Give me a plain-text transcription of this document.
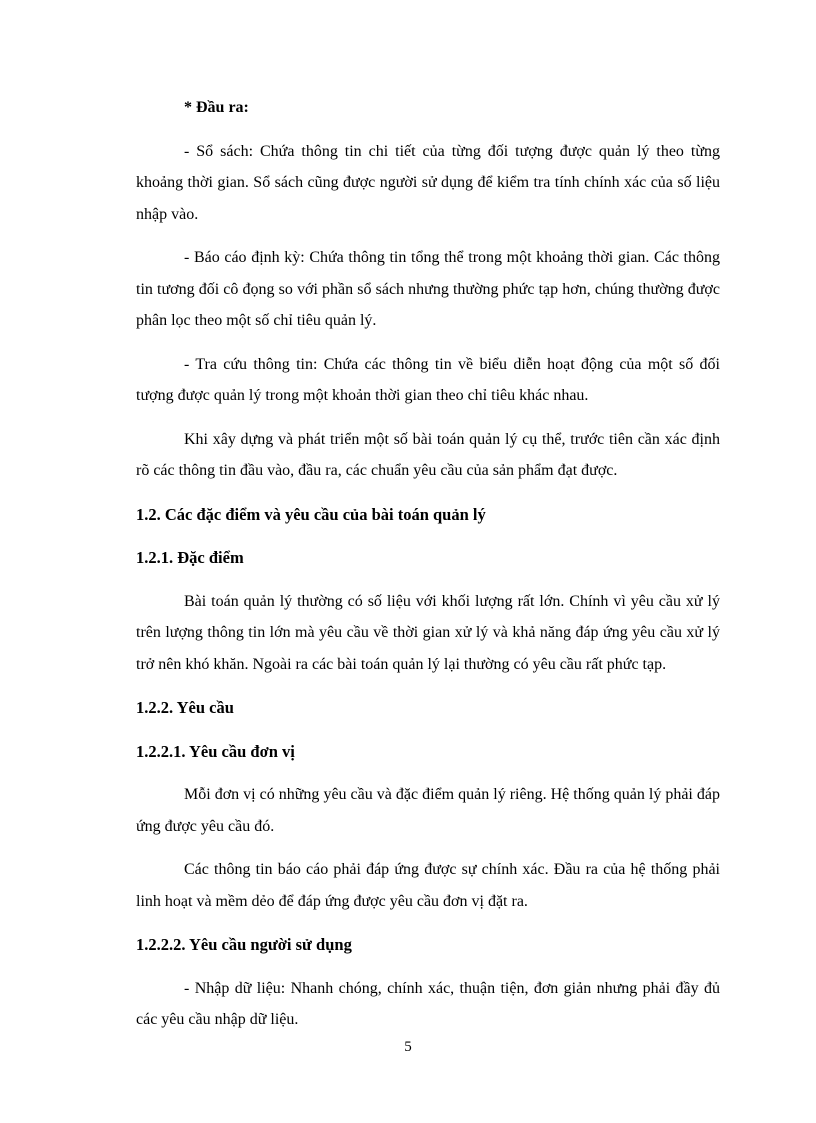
* Đầu ra:

- Sổ sách: Chứa thông tin chi tiết của từng đối tượng được quản lý theo từng khoảng thời gian. Sổ sách cũng được người sử dụng để kiểm tra tính chính xác của số liệu nhập vào.

- Báo cáo định kỳ: Chứa thông tin tổng thể trong một khoảng thời gian. Các thông tin tương đối cô đọng so với phần sổ sách nhưng thường phức tạp hơn, chúng thường được phân lọc theo một số chỉ tiêu quản lý.

- Tra cứu thông tin: Chứa các thông tin về biểu diễn hoạt động của một số đối tượng được quản lý trong một khoản thời gian theo chỉ tiêu khác nhau.

Khi xây dựng và phát triển một số bài toán quản lý cụ thể, trước tiên cần xác định rõ các thông tin đầu vào, đầu ra, các chuẩn yêu cầu của sản phẩm đạt được.

1.2. Các đặc điểm và yêu cầu của bài toán quản lý
1.2.1. Đặc điểm

Bài toán quản lý thường có số liệu với khối lượng rất lớn. Chính vì yêu cầu xử lý trên lượng thông tin lớn mà yêu cầu về thời gian xử lý và khả năng đáp ứng yêu cầu xử lý trở nên khó khăn. Ngoài ra các bài toán quản lý lại thường có yêu cầu rất phức tạp.

1.2.2. Yêu cầu
1.2.2.1. Yêu cầu đơn vị

Mỗi đơn vị có những yêu cầu và đặc điểm quản lý riêng. Hệ thống quản lý phải đáp ứng được yêu cầu đó.

Các thông tin báo cáo phải đáp ứng được sự chính xác. Đầu ra của hệ thống phải linh hoạt và mềm dẻo để đáp ứng được yêu cầu đơn vị đặt ra.

1.2.2.2. Yêu cầu người sử dụng

- Nhập dữ liệu: Nhanh chóng, chính xác, thuận tiện, đơn giản nhưng phải đầy đủ các yêu cầu nhập dữ liệu.

5
